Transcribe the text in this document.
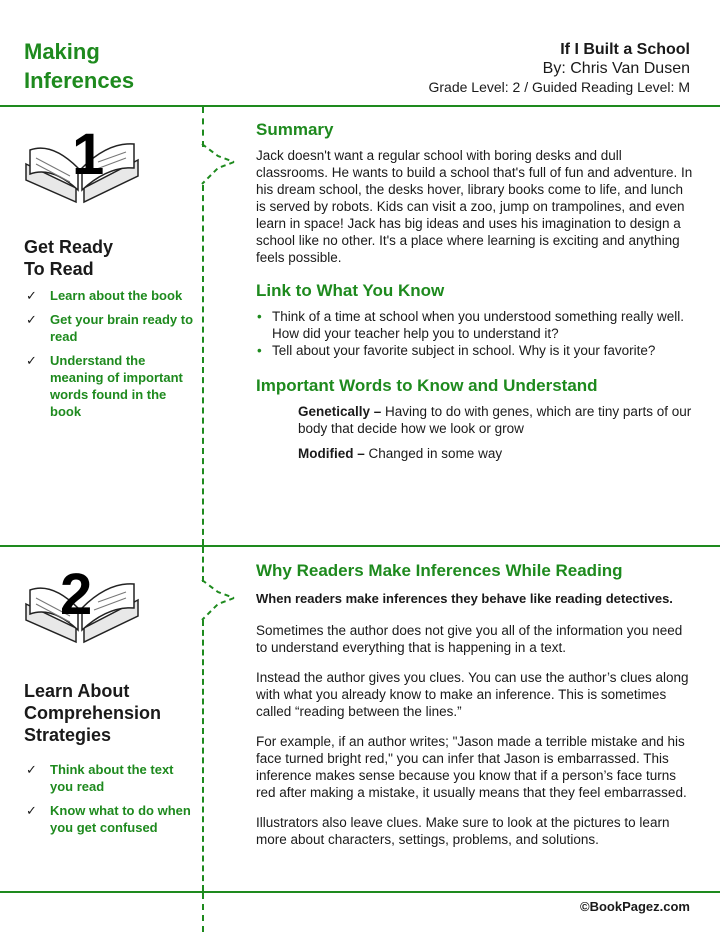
Making
Inferences
If I Built a School
By: Chris Van Dusen
Grade Level: 2 / Guided Reading Level: M
1
Get Ready
To Read
✓ Learn about the book
✓ Get your brain ready to read
✓ Understand the meaning of important words found in the book
Summary
Jack doesn't want a regular school with boring desks and dull classrooms. He wants to build a school that's full of fun and adventure. In his dream school, the desks hover, library books come to life, and lunch is served by robots. Kids can visit a zoo, jump on trampolines, and even learn in space! Jack has big ideas and uses his imagination to design a school like no other. It's a place where learning is exciting and anything feels possible.
Link to What You Know
• Think of a time at school when you understood something really well. How did your teacher help you to understand it?
• Tell about your favorite subject in school. Why is it your favorite?
Important Words to Know and Understand
Genetically – Having to do with genes, which are tiny parts of our body that decide how we look or grow
Modified – Changed in some way
2
Learn About
Comprehension
Strategies
✓ Think about the text you read
✓ Know what to do when you get confused
Why Readers Make Inferences While Reading
When readers make inferences they behave like reading detectives.
Sometimes the author does not give you all of the information you need to understand everything that is happening in a text.
Instead the author gives you clues. You can use the author’s clues along with what you already know to make an inference. This is sometimes called “reading between the lines.”
For example, if an author writes; "Jason made a terrible mistake and his face turned bright red," you can infer that Jason is embarrassed. This inference makes sense because you know that if a person’s face turns red after making a mistake, it usually means that they feel embarrassed.
Illustrators also leave clues. Make sure to look at the pictures to learn more about characters, settings, problems, and solutions.
©BookPagez.com
